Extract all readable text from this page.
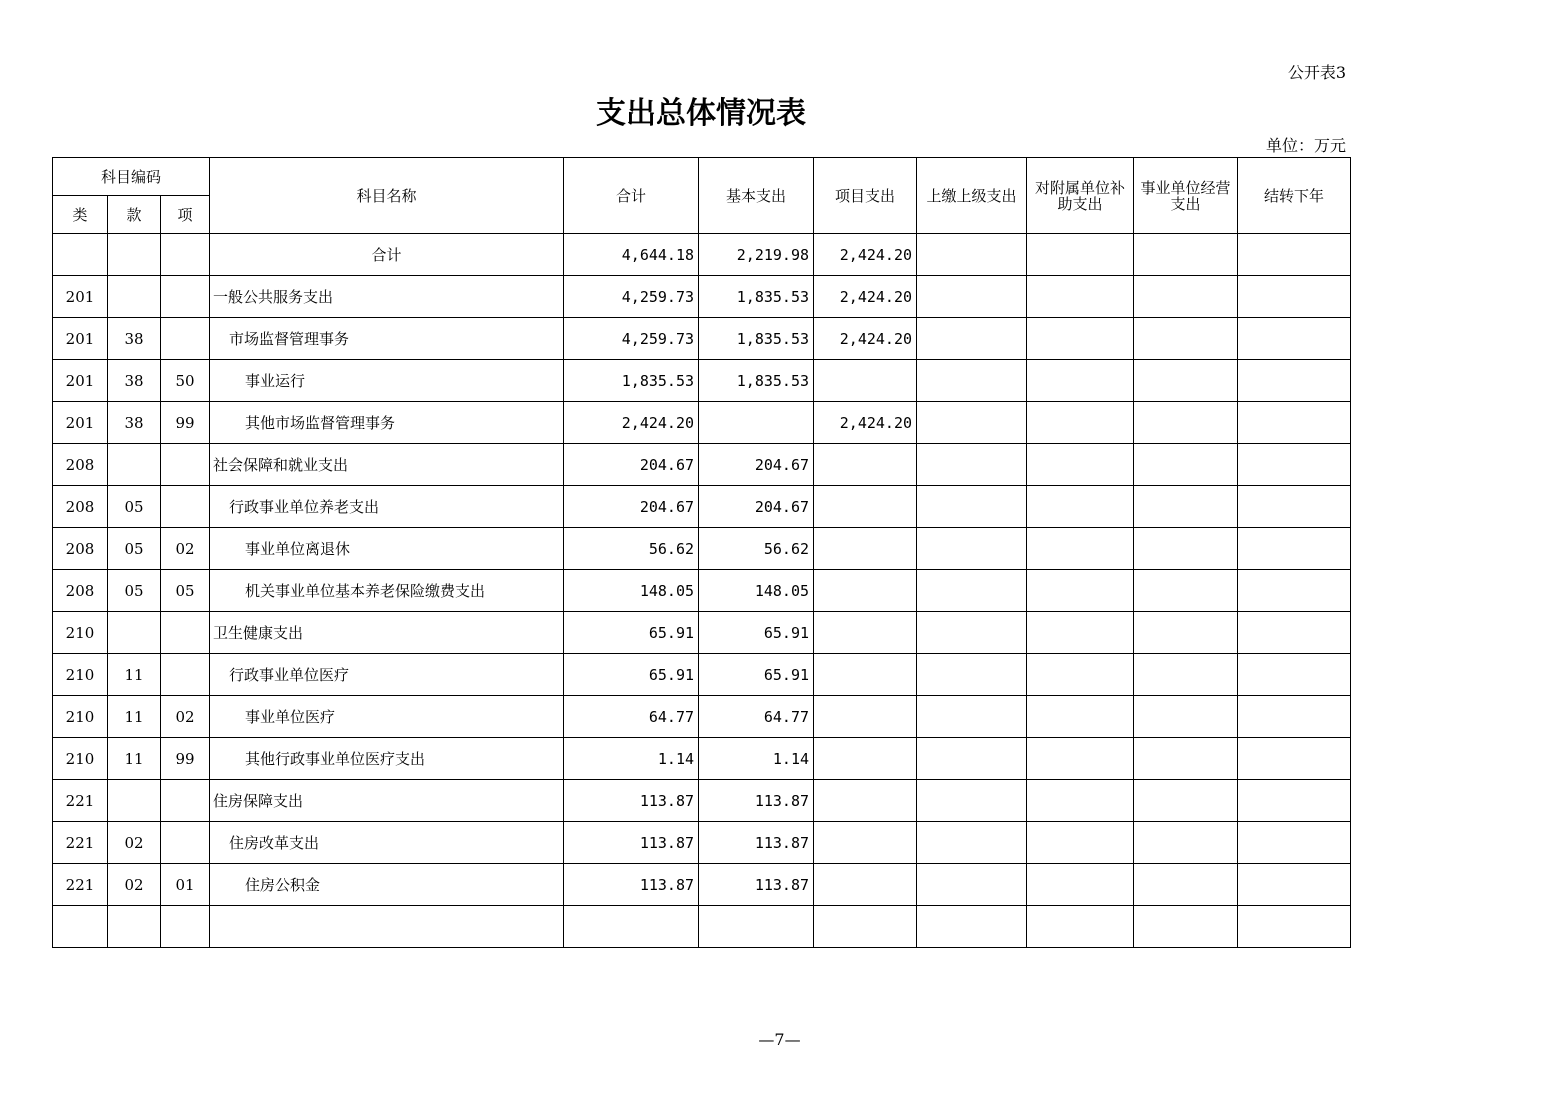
公开表3
支出总体情况表
单位：万元
科目编码			科目名称	合计	基本支出	项目支出	上缴上级支出	对附属单位补助支出	事业单位经营支出	结转下年
类	款	项								
			合计	4,644.18	2,219.98	2,424.20				
201			一般公共服务支出	4,259.73	1,835.53	2,424.20				
201	38		市场监督管理事务	4,259.73	1,835.53	2,424.20				
201	38	50	事业运行	1,835.53	1,835.53					
201	38	99	其他市场监督管理事务	2,424.20		2,424.20				
208			社会保障和就业支出	204.67	204.67					
208	05		行政事业单位养老支出	204.67	204.67					
208	05	02	事业单位离退休	56.62	56.62					
208	05	05	机关事业单位基本养老保险缴费支出	148.05	148.05					
210			卫生健康支出	65.91	65.91					
210	11		行政事业单位医疗	65.91	65.91					
210	11	02	事业单位医疗	64.77	64.77					
210	11	99	其他行政事业单位医疗支出	1.14	1.14					
221			住房保障支出	113.87	113.87					
221	02		住房改革支出	113.87	113.87					
221	02	01	住房公积金	113.87	113.87					

—7—
